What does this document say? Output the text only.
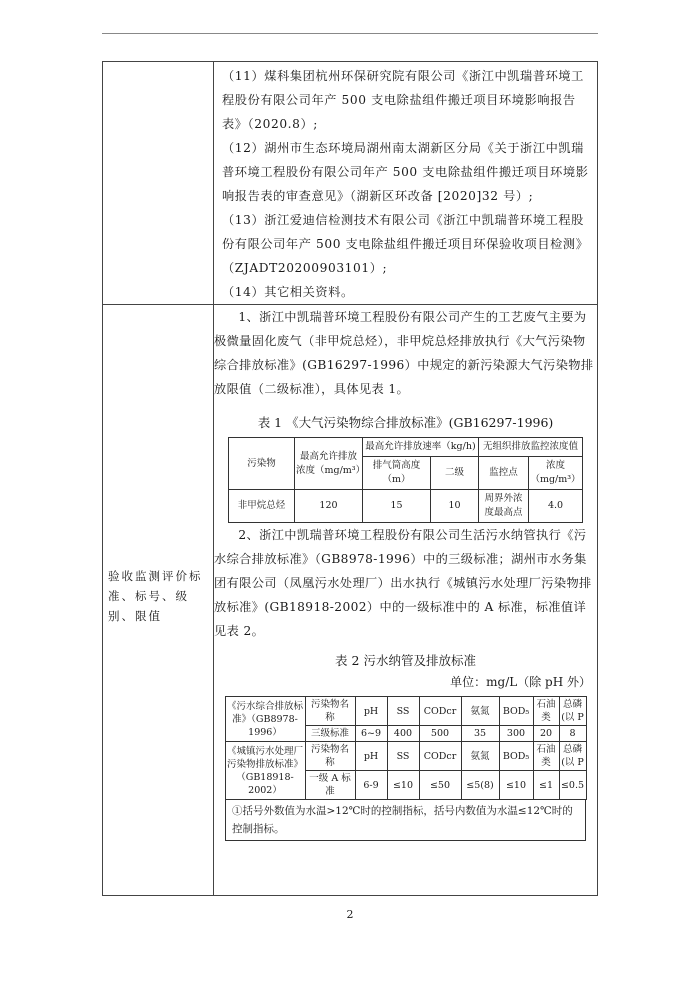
（11）煤科集团杭州环保研究院有限公司《浙江中凯瑞普环境工程股份有限公司年产 500 支电除盐组件搬迁项目环境影响报告表》（2020.8）;

（12）湖州市生态环境局湖州南太湖新区分局《关于浙江中凯瑞普环境工程股份有限公司年产 500 支电除盐组件搬迁项目环境影响报告表的审查意见》（湖新区环改备 [2020]32 号）;

（13）浙江爱迪信检测技术有限公司《浙江中凯瑞普环境工程股份有限公司年产 500 支电除盐组件搬迁项目环保验收项目检测》（ZJADT20200903101）;

（14）其它相关资料。

验收监测评价标准、标号、级别、限值

1、浙江中凯瑞普环境工程股份有限公司产生的工艺废气主要为极微量固化废气（非甲烷总烃），非甲烷总烃排放执行《大气污染物综合排放标准》(GB16297-1996）中规定的新污染源大气污染物排放限值（二级标准），具体见表 1。

表 1 《大气污染物综合排放标准》(GB16297-1996)

污染物	最高允许排放浓度（mg/m³）	最高允许排放速率（kg/h)	无组织排放监控浓度值
排气筒高度（m）	二级	监控点	浓度（mg/m³）
非甲烷总烃	120	15	10	周界外浓度最高点	4.0

2、浙江中凯瑞普环境工程股份有限公司生活污水纳管执行《污水综合排放标准》（GB8978-1996）中的三级标准；湖州市水务集团有限公司（凤凰污水处理厂）出水执行《城镇污水处理厂污染物排放标准》(GB18918-2002）中的一级标准中的 A 标准，标准值详见表 2。

表 2 污水纳管及排放标准

单位：mg/L（除 pH 外）

《污水综合排放标准》（GB8978-1996）	污染物名称	pH	SS	CODcr	氨氮	BOD₅	石油类	总磷(以 P
三级标准	6~9	400	500	35	300	20	8
《城镇污水处理厂污染物排放标准》（GB18918-2002）	污染物名称	pH	SS	CODcr	氨氮	BOD₅	石油类	总磷(以 P
一级 A 标准	6-9	≤10	≤50	≤5(8)	≤10	≤1	≤0.5
①括号外数值为水温>12℃时的控制指标，括号内数值为水温≤12℃时的控制指标。
2
